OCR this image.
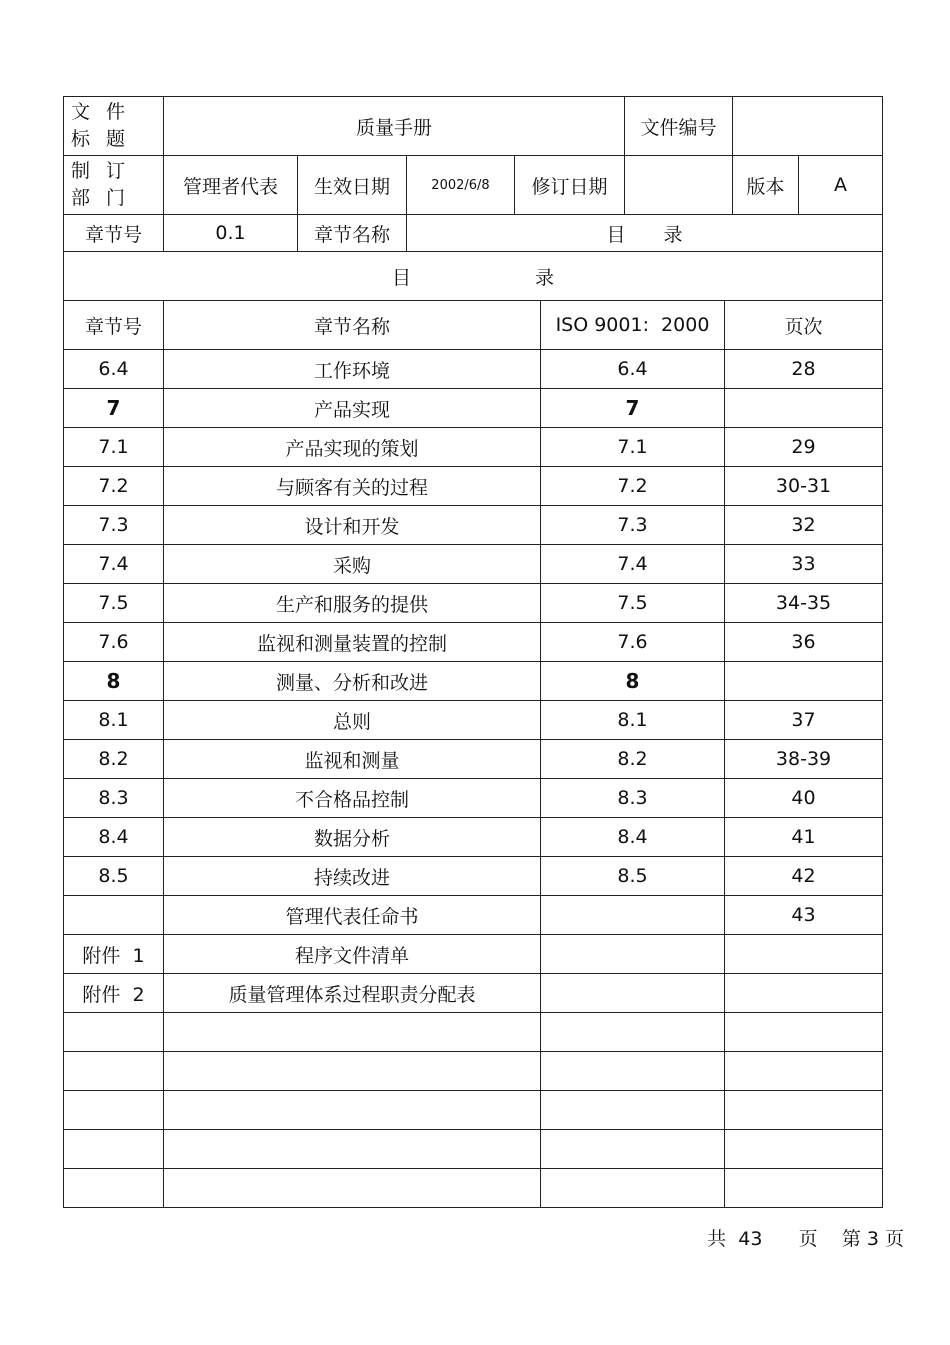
文 件 标 题	质量手册				文件编号		
制 订 部 门	管理者代表	生效日期	2002/6/8	修订日期		版本	A
章节号	0.1	章节名称	目　　录				
目 录			
章节号	章节名称	ISO 9001:  2000	页次
6.4	工作环境	6.4	28
7	产品实现	7	
7.1	产品实现的策划	7.1	29
7.2	与顾客有关的过程	7.2	30-31
7.3	设计和开发	7.3	32
7.4	采购	7.4	33
7.5	生产和服务的提供	7.5	34-35
7.6	监视和测量装置的控制	7.6	36
8	测量、分析和改进	8	
8.1	总则	8.1	37
8.2	监视和测量	8.2	38-39
8.3	不合格品控制	8.3	40
8.4	数据分析	8.4	41
8.5	持续改进	8.5	42
	管理代表任命书		43
附件  1	程序文件清单		
附件  2	质量管理体系过程职责分配表		

共  43      页    第 3 页
